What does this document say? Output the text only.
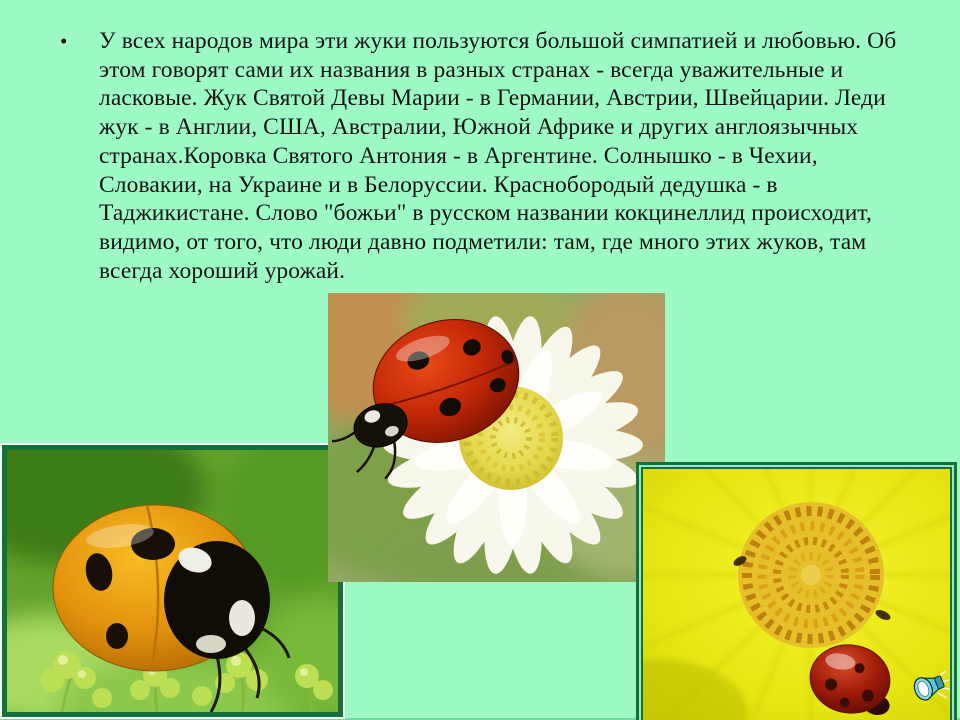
•	У всех народов мира эти жуки пользуются большой симпатией и любовью. Об этом говорят сами их названия в разных странах - всегда уважительные и ласковые. Жук Святой Девы Марии - в Германии, Австрии, Швейцарии. Леди жук - в Англии, США, Австралии, Южной Африке и других англоязычных странах.Коровка Святого Антония - в Аргентине. Солнышко - в Чехии, Словакии, на Украине и в Белоруссии. Краснобородый дедушка - в Таджикистане. Слово "божьи" в русском названии кокцинеллид происходит, видимо, от того, что люди давно подметили: там, где много этих жуков, там всегда хороший урожай.
